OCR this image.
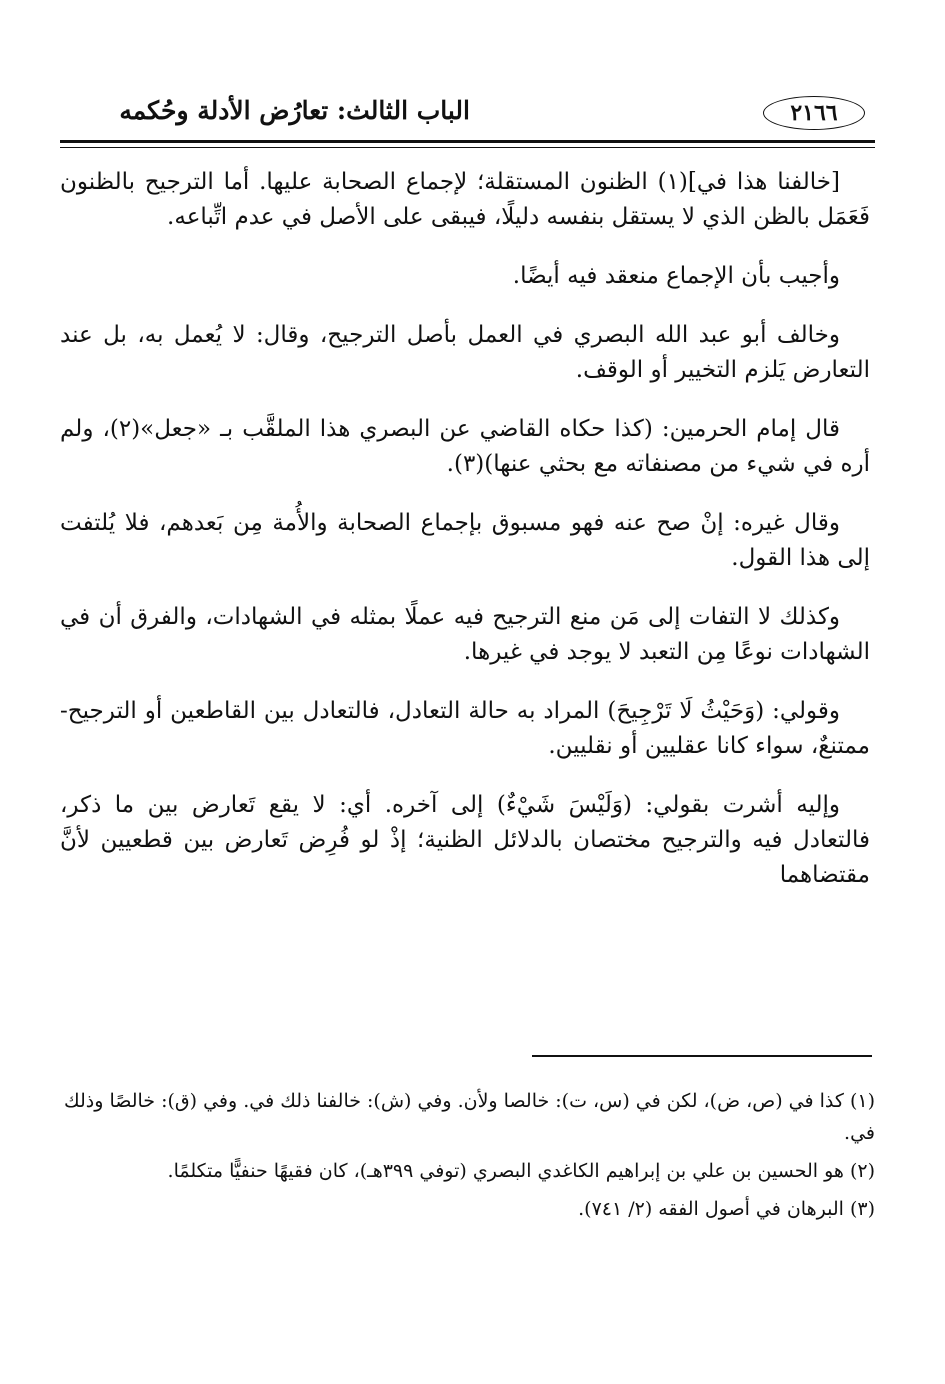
الباب الثالث: تعارُض الأدلة وحُكمه	٢١٦٦

[خالفنا هذا في](١) الظنون المستقلة؛ لإجماع الصحابة عليها. أما الترجيح بالظنون فَعَمَل بالظن الذي لا يستقل بنفسه دليلًا، فيبقى على الأصل في عدم اتِّباعه.

وأجيب بأن الإجماع منعقد فيه أيضًا.

وخالف أبو عبد الله البصري في العمل بأصل الترجيح، وقال: لا يُعمل به، بل عند التعارض يَلزم التخيير أو الوقف.

قال إمام الحرمين: (كذا حكاه القاضي عن البصري هذا الملقَّب بـ «جعل»(٢)، ولم أره في شيء من مصنفاته مع بحثي عنها)(٣).

وقال غيره: إنْ صح عنه فهو مسبوق بإجماع الصحابة والأُمة مِن بَعدهم، فلا يُلتفت إلى هذا القول.

وكذلك لا التفات إلى مَن منع الترجيح فيه عملًا بمثله في الشهادات، والفرق أن في الشهادات نوعًا مِن التعبد لا يوجد في غيرها.

وقولي: (وَحَيْثُ لَا تَرْجِيحَ) المراد به حالة التعادل، فالتعادل بين القاطعين أو الترجيح- ممتنعٌ، سواء كانا عقليين أو نقليين.

وإليه أشرت بقولي: (وَلَيْسَ شَيْءٌ) إلى آخره. أي: لا يقع تَعارض بين ما ذكر، فالتعادل فيه والترجيح مختصان بالدلائل الظنية؛ إذْ لو فُرِض تَعارض بين قطعيين لأنَّ مقتضاهما

(١) كذا في (ص، ض)، لكن في (س، ت): خالصا ولأن. وفي (ش): خالفنا ذلك في. وفي (ق): خالصًا وذلك في.

(٢) هو الحسين بن علي بن إبراهيم الكاغدي البصري (توفي ٣٩٩هـ)، كان فقيهًا حنفيًّا متكلمًا.

(٣) البرهان في أصول الفقه (٢/ ٧٤١).
